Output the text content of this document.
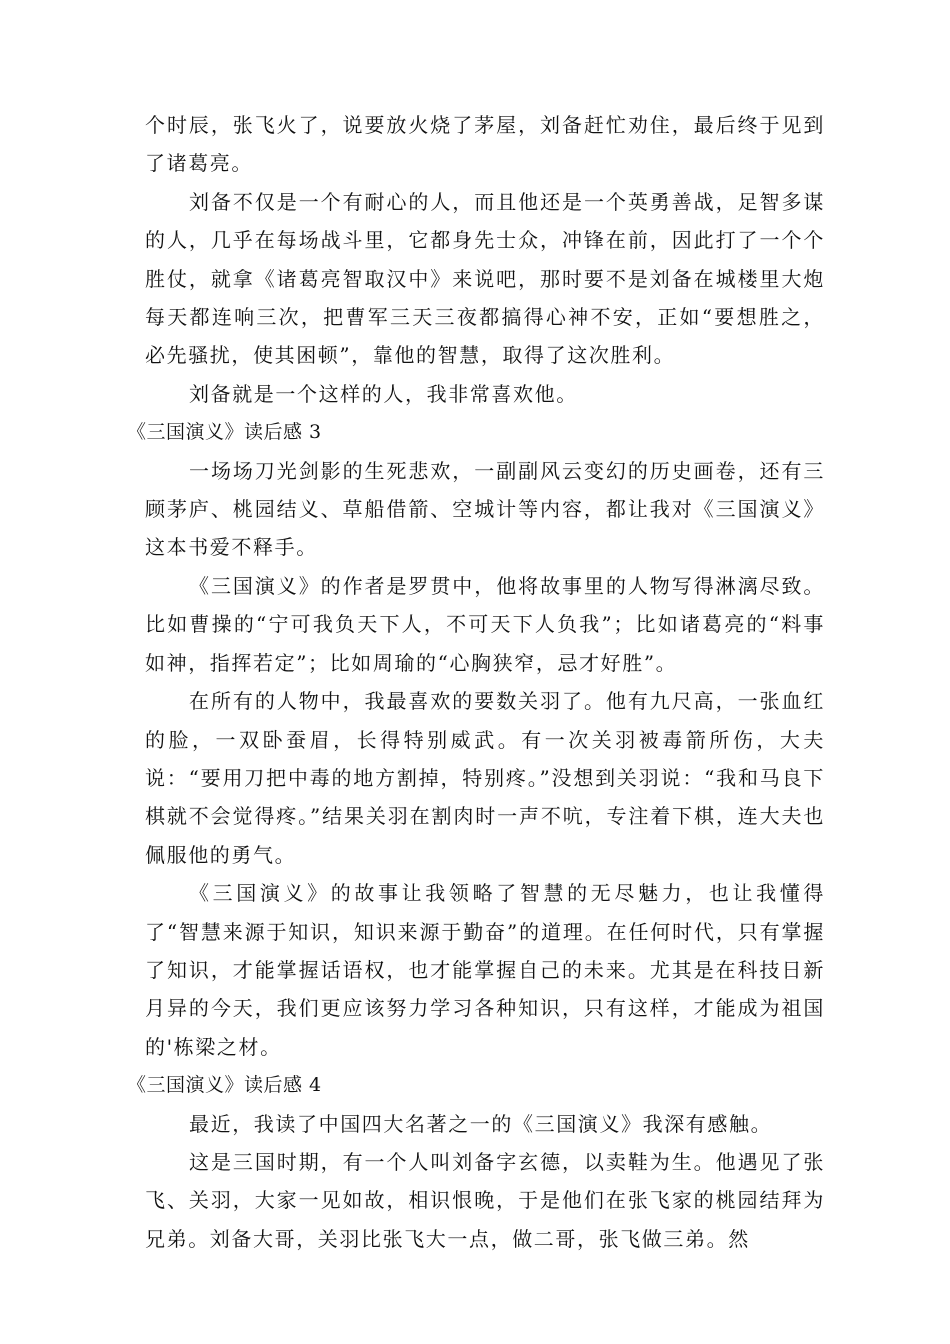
个时辰，张飞火了，说要放火烧了茅屋，刘备赶忙劝住，最后终于见到了诸葛亮。

刘备不仅是一个有耐心的人，而且他还是一个英勇善战，足智多谋的人，几乎在每场战斗里，它都身先士众，冲锋在前，因此打了一个个胜仗，就拿《诸葛亮智取汉中》来说吧，那时要不是刘备在城楼里大炮每天都连响三次，把曹军三天三夜都搞得心神不安，正如“要想胜之，必先骚扰，使其困顿”，靠他的智慧，取得了这次胜利。

刘备就是一个这样的人，我非常喜欢他。

《三国演义》读后感 3

一场场刀光剑影的生死悲欢，一副副风云变幻的历史画卷，还有三顾茅庐、桃园结义、草船借箭、空城计等内容，都让我对《三国演义》这本书爱不释手。

《三国演义》的作者是罗贯中，他将故事里的人物写得淋漓尽致。比如曹操的“宁可我负天下人，不可天下人负我”；比如诸葛亮的“料事如神，指挥若定”；比如周瑜的“心胸狭窄，忌才好胜”。

在所有的人物中，我最喜欢的要数关羽了。他有九尺高，一张血红的脸，一双卧蚕眉，长得特别威武。有一次关羽被毒箭所伤，大夫说：“要用刀把中毒的地方割掉，特别疼。”没想到关羽说：“我和马良下棋就不会觉得疼。”结果关羽在割肉时一声不吭，专注着下棋，连大夫也佩服他的勇气。

《三国演义》的故事让我领略了智慧的无尽魅力，也让我懂得了“智慧来源于知识，知识来源于勤奋”的道理。在任何时代，只有掌握了知识，才能掌握话语权，也才能掌握自己的未来。尤其是在科技日新月异的今天，我们更应该努力学习各种知识，只有这样，才能成为祖国的'栋梁之材。

《三国演义》读后感 4

最近，我读了中国四大名著之一的《三国演义》我深有感触。

这是三国时期，有一个人叫刘备字玄德，以卖鞋为生。他遇见了张飞、关羽，大家一见如故，相识恨晚，于是他们在张飞家的桃园结拜为兄弟。刘备大哥，关羽比张飞大一点，做二哥，张飞做三弟。然
